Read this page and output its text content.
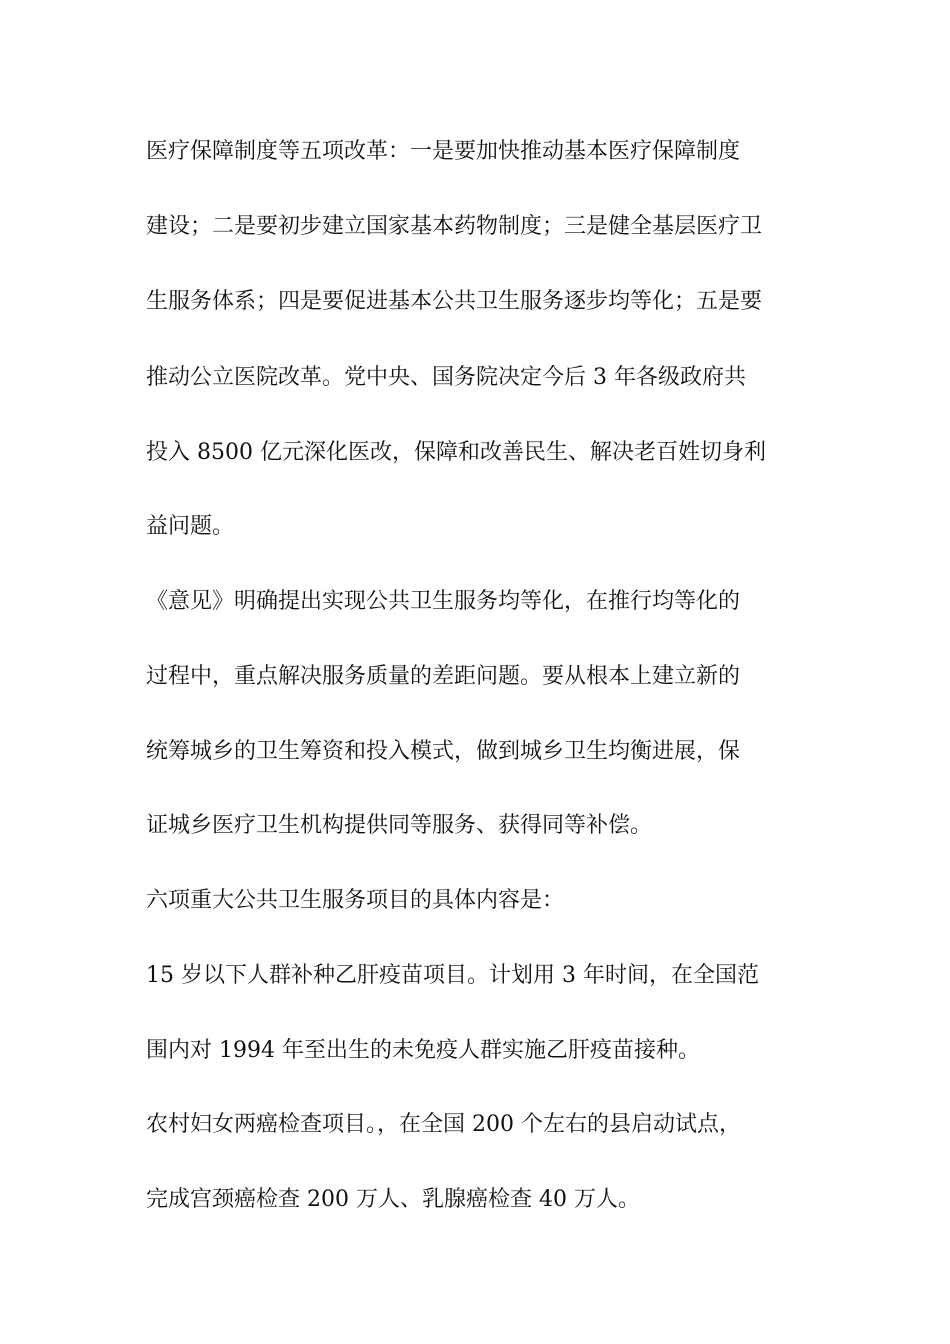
医疗保障制度等五项改革：一是要加快推动基本医疗保障制度
建设；二是要初步建立国家基本药物制度；三是健全基层医疗卫
生服务体系；四是要促进基本公共卫生服务逐步均等化；五是要
推动公立医院改革。党中央、国务院决定今后 3 年各级政府共
投入 8500 亿元深化医改，保障和改善民生、解决老百姓切身利
益问题。
《意见》明确提出实现公共卫生服务均等化，在推行均等化的
过程中，重点解决服务质量的差距问题。要从根本上建立新的
统筹城乡的卫生筹资和投入模式，做到城乡卫生均衡进展，保
证城乡医疗卫生机构提供同等服务、获得同等补偿。
六项重大公共卫生服务项目的具体内容是：
15 岁以下人群补种乙肝疫苗项目。计划用 3 年时间，在全国范
围内对 1994 年至出生的未免疫人群实施乙肝疫苗接种。
农村妇女两癌检查项目。，在全国 200 个左右的县启动试点，
完成宫颈癌检查 200 万人、乳腺癌检查 40 万人。
